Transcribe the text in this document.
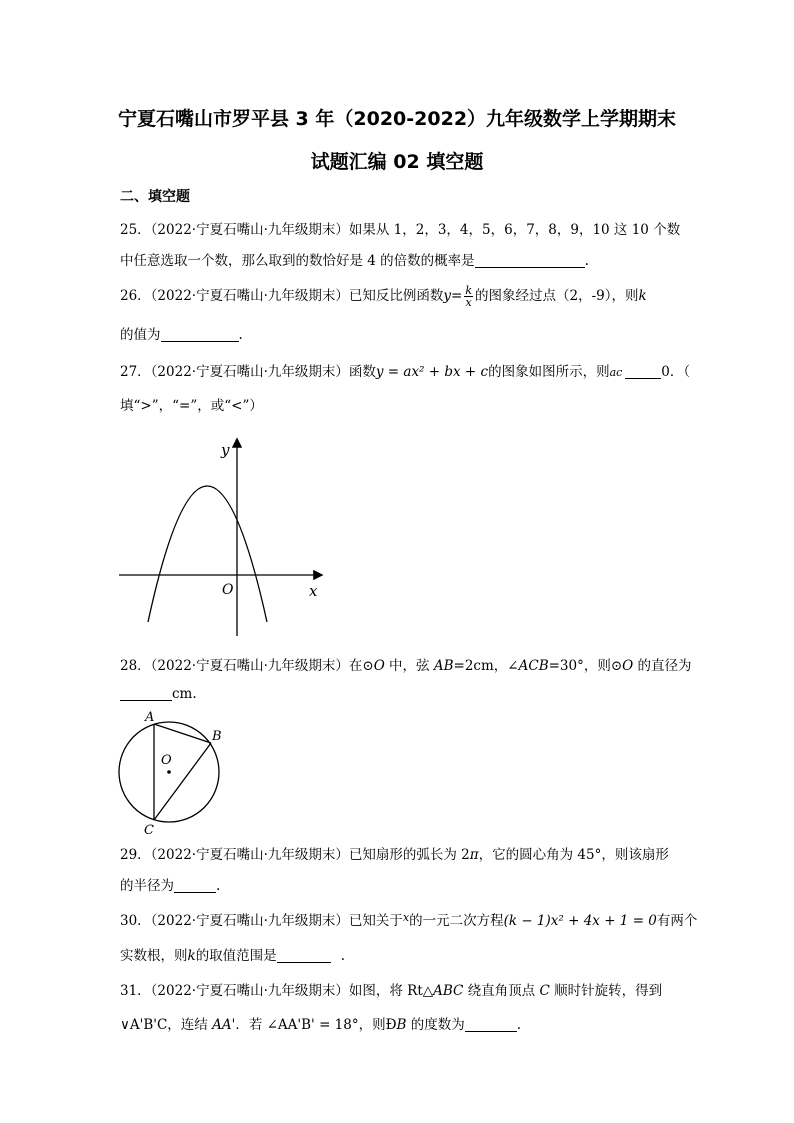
宁夏石嘴山市罗平县 3 年（2020-2022）九年级数学上学期期末
试题汇编 02 填空题
二、填空题
25．（2022·宁夏石嘴山·九年级期末）如果从 1，2，3，4，5，6，7，8，9，10 这 10 个数
中任意选取一个数，那么取到的数恰好是 4 的倍数的概率是	.
26．（2022·宁夏石嘴山·九年级期末）已知反比例函数$y= \frac{k}{x}$ 的图象经过点（2，-9），则k
的值为	.
27．（2022·宁夏石嘴山·九年级期末）函数y = ax² + bx + c的图象如图所示，则ac	0．（
填“>”，“=”，或“<”）
y
x
O
28．（2022·宁夏石嘴山·九年级期末）在⊙O 中，弦 AB=2cm，∠ACB=30°，则⊙O 的直径为
cm.
A
B
C
O
29．（2022·宁夏石嘴山·九年级期末）已知扇形的弧长为 2π，它的圆心角为 45°，则该扇形
的半径为	.
30．（2022·宁夏石嘴山·九年级期末）已知关于$^x$的一元二次方程(k − 1)x² + 4x + 1 = 0有两个
实数根，则k的取值范围是	.
31．（2022·宁夏石嘴山·九年级期末）如图，将 Rt△ABC 绕直角顶点 C 顺时针旋转，得到
∨A'B'C，连结 AA'．若 ∠AA'B' = 18°，则ÐB 的度数为	.
